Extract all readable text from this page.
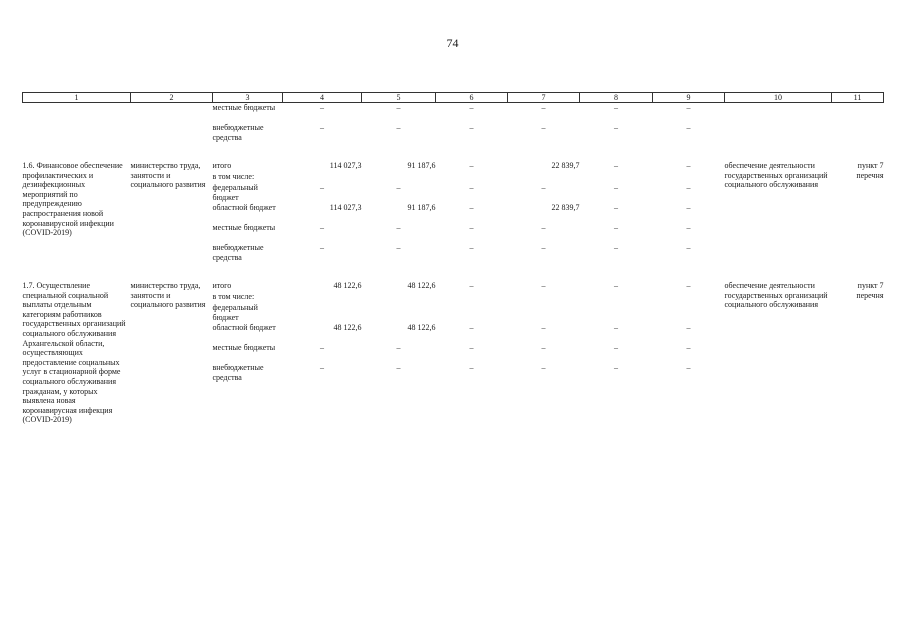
74
1	2	3	4	5	6	7	8	9	10	11
		местные бюджеты	–	–	–	–	–	–		
		внебюджетные средства	–	–	–	–	–	–		

1.6. Финансовое обеспечение профилактических и дезинфекционных мероприятий по предупреждению распространения новой коронавирусной инфекции (COVID-2019)	министерство труда, занятости и социального развития	итого	114 027,3	91 187,6	–	22 839,7	–	–	обеспечение деятельности государственных организаций социального обслуживания	пункт 7 перечня
		в том числе:								
		федеральный бюджет	–	–	–	–	–	–		
		областной бюджет	114 027,3	91 187,6	–	22 839,7	–	–		
		местные бюджеты	–	–	–	–	–	–		
		внебюджетные средства	–	–	–	–	–	–		

1.7. Осуществление специальной социальной выплаты отдельным категориям работников государственных организаций социального обслуживания Архангельской области, осуществляющих предоставление социальных услуг в стационарной форме социального обслуживания гражданам, у которых выявлена новая коронавирусная инфекция (COVID-2019)	министерство труда, занятости и социального развития	итого	48 122,6	48 122,6	–	–	–	–	обеспечение деятельности государственных организаций социального обслуживания	пункт 7 перечня
		в том числе:								
		федеральный бюджет								
		областной бюджет	48 122,6	48 122,6	–	–	–	–		
		местные бюджеты	–	–	–	–	–	–		
		внебюджетные средства	–	–	–	–	–	–		
